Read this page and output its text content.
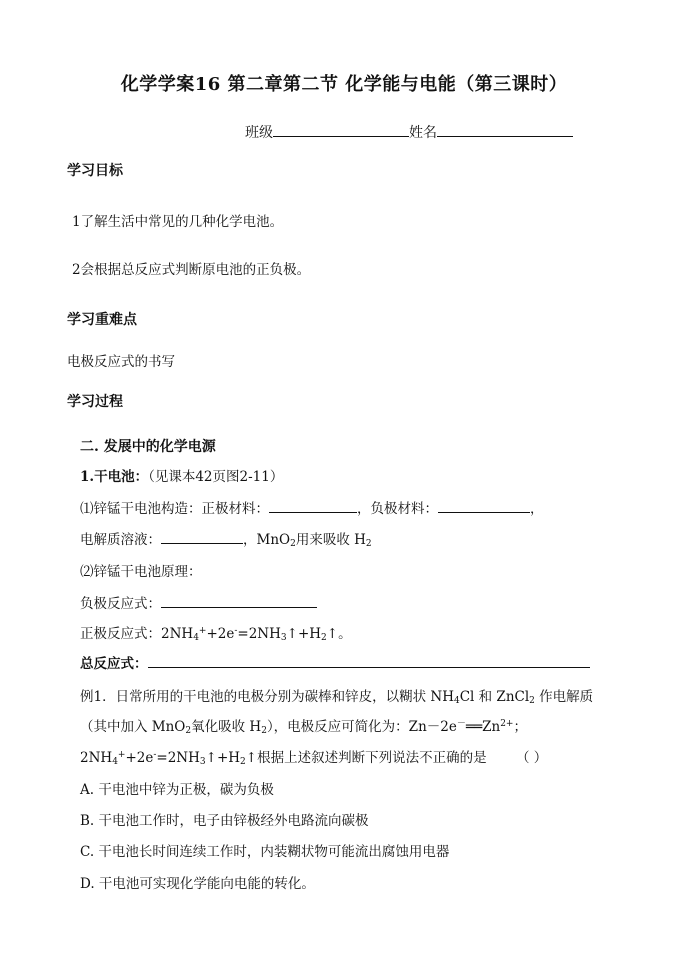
化学学案16 第二章第二节 化学能与电能（第三课时）
班级	姓名
学习目标
1了解生活中常见的几种化学电池。
2会根据总反应式判断原电池的正负极。
学习重难点
电极反应式的书写
学习过程
二. 发展中的化学电源
1.干电池：（见课本42页图2-11）
⑴锌锰干电池构造：正极材料：	，负极材料：	，
电解质溶液：	，MnO$_2$用来吸收 $H_2$
⑵锌锰干电池原理：
负极反应式：
正极反应式：$2NH_4^++2e^-=2NH_3↑+H_2↑$。
总反应式：
例1．日常所用的干电池的电极分别为碳棒和锌皮，以糊状 $NH_4Cl$ 和 ZnCl$_2$ 作电解质
（其中加入 MnO$_2$氧化吸收 $H_2$），电极反应可简化为：$Zn-2e^-══Zn^{2+}$；
$2NH_4^++2e^-=2NH_3↑+H_2↑$根据上述叙述判断下列说法不正确的是 （ ）
A. 干电池中锌为正极，碳为负极
B. 干电池工作时，电子由锌极经外电路流向碳极
C. 干电池长时间连续工作时，内装糊状物可能流出腐蚀用电器
D. 干电池可实现化学能向电能的转化。
